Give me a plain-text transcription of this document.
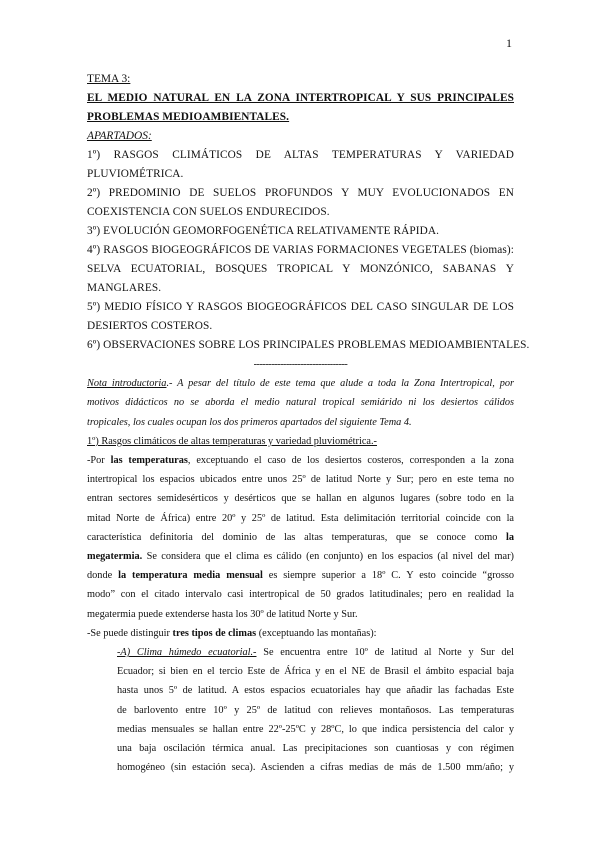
1
TEMA 3:
EL MEDIO NATURAL EN LA ZONA INTERTROPICAL Y SUS PRINCIPALES
PROBLEMAS MEDIOAMBIENTALES.
APARTADOS:
1º) RASGOS CLIMÁTICOS DE ALTAS TEMPERATURAS Y VARIEDAD
PLUVIOMÉTRICA.
2º) PREDOMINIO DE SUELOS PROFUNDOS Y MUY EVOLUCIONADOS EN
COEXISTENCIA CON SUELOS ENDURECIDOS.
3º) EVOLUCIÓN GEOMORFOGENÉTICA RELATIVAMENTE RÁPIDA.
4º) RASGOS BIOGEOGRÁFICOS DE VARIAS FORMACIONES VEGETALES (biomas):
SELVA ECUATORIAL, BOSQUES TROPICAL Y MONZÓNICO, SABANAS Y
MANGLARES.
5º) MEDIO FÍSICO Y RASGOS BIOGEOGRÁFICOS DEL CASO SINGULAR DE LOS
DESIERTOS COSTEROS.
6º) OBSERVACIONES SOBRE LOS PRINCIPALES PROBLEMAS MEDIOAMBIENTALES.
--------------------------------
Nota introductoria.- A pesar del título de este tema que alude a toda la Zona Intertropical, por
motivos didácticos no se aborda el medio natural tropical semiárido ni los desiertos cálidos
tropicales, los cuales ocupan los dos primeros apartados del siguiente Tema 4.
1º) Rasgos climáticos de altas temperaturas y variedad pluviométrica.-
-Por las temperaturas, exceptuando el caso de los desiertos costeros, corresponden a la zona
intertropical los espacios ubicados entre unos 25º de latitud Norte y Sur; pero en este tema no
entran sectores semidesérticos y desérticos que se hallan en algunos lugares (sobre todo en la
mitad Norte de África) entre 20º y 25º de latitud. Esta delimitación territorial coincide con la
característica definitoria del dominio de las altas temperaturas, que se conoce como la
megatermia. Se considera que el clima es cálido (en conjunto) en los espacios (al nivel del mar)
donde la temperatura media mensual es siempre superior a 18º C. Y esto coincide “grosso
modo” con el citado intervalo casi intertropical de 50 grados latitudinales; pero en realidad la
megatermia puede extenderse hasta los 30º de latitud Norte y Sur.
-Se puede distinguir tres tipos de climas (exceptuando las montañas):
-A) Clima húmedo ecuatorial.- Se encuentra entre 10º de latitud al Norte y Sur del
Ecuador; si bien en el tercio Este de África y en el NE de Brasil el ámbito espacial baja
hasta unos 5º de latitud. A estos espacios ecuatoriales hay que añadir las fachadas Este
de barlovento entre 10º y 25º de latitud con relieves montañosos. Las temperaturas
medias mensuales se hallan entre 22º-25ºC y 28ºC, lo que indica persistencia del calor y
una baja oscilación térmica anual. Las precipitaciones son cuantiosas y con régimen
homogéneo (sin estación seca). Ascienden a cifras medias de más de 1.500 mm/año; y
